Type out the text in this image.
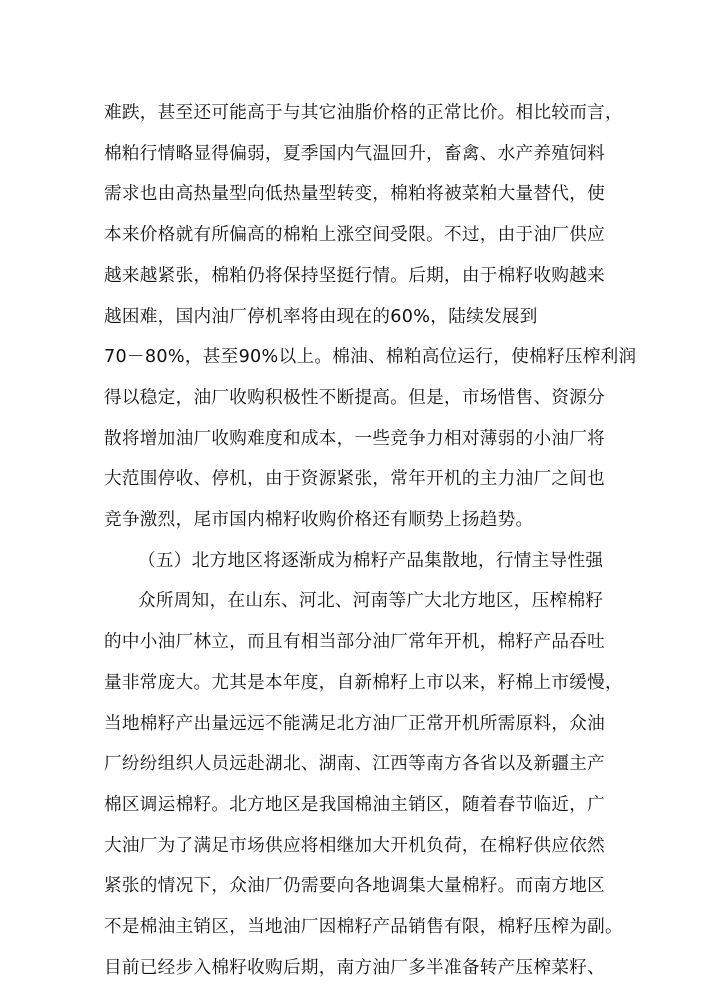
难跌，甚至还可能高于与其它油脂价格的正常比价。相比较而言，
棉粕行情略显得偏弱，夏季国内气温回升，畜禽、水产养殖饲料
需求也由高热量型向低热量型转变，棉粕将被菜粕大量替代，使
本来价格就有所偏高的棉粕上涨空间受限。不过，由于油厂供应
越来越紧张，棉粕仍将保持坚挺行情。后期，由于棉籽收购越来
越困难，国内油厂停机率将由现在的60%，陆续发展到
70－80%，甚至90%以上。棉油、棉粕高位运行，使棉籽压榨利润
得以稳定，油厂收购积极性不断提高。但是，市场惜售、资源分
散将增加油厂收购难度和成本，一些竞争力相对薄弱的小油厂将
大范围停收、停机，由于资源紧张，常年开机的主力油厂之间也
竞争激烈，尾市国内棉籽收购价格还有顺势上扬趋势。
（五）北方地区将逐渐成为棉籽产品集散地，行情主导性强
众所周知，在山东、河北、河南等广大北方地区，压榨棉籽
的中小油厂林立，而且有相当部分油厂常年开机，棉籽产品吞吐
量非常庞大。尤其是本年度，自新棉籽上市以来，籽棉上市缓慢，
当地棉籽产出量远远不能满足北方油厂正常开机所需原料，众油
厂纷纷组织人员远赴湖北、湖南、江西等南方各省以及新疆主产
棉区调运棉籽。北方地区是我国棉油主销区，随着春节临近，广
大油厂为了满足市场供应将相继加大开机负荷，在棉籽供应依然
紧张的情况下，众油厂仍需要向各地调集大量棉籽。而南方地区
不是棉油主销区，当地油厂因棉籽产品销售有限，棉籽压榨为副。
目前已经步入棉籽收购后期，南方油厂多半准备转产压榨菜籽、
